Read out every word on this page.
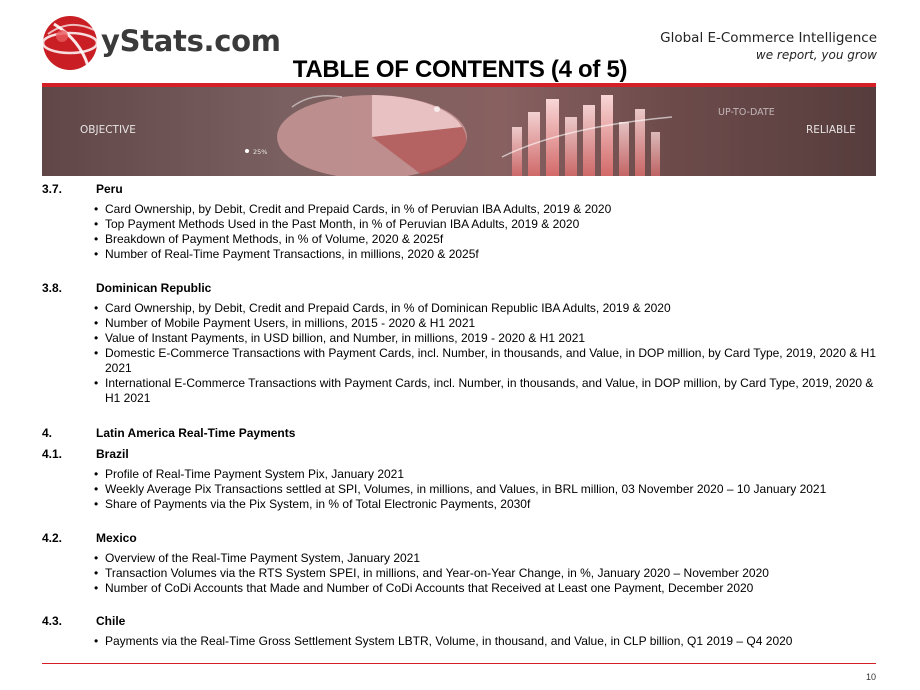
yStats.com	Global E-Commerce Intelligence
we report, you grow
TABLE OF CONTENTS (4 of 5)
OBJECTIVE
UP-TO-DATE
RELIABLE
25%
3.7.	Peru
• Card Ownership, by Debit, Credit and Prepaid Cards, in % of Peruvian IBA Adults, 2019 & 2020
• Top Payment Methods Used in the Past Month, in % of Peruvian IBA Adults, 2019 & 2020
• Breakdown of Payment Methods, in % of Volume, 2020 & 2025f
• Number of Real-Time Payment Transactions, in millions, 2020 & 2025f
3.8.	Dominican Republic
• Card Ownership, by Debit, Credit and Prepaid Cards, in % of Dominican Republic IBA Adults, 2019 & 2020
• Number of Mobile Payment Users, in millions, 2015 - 2020 & H1 2021
• Value of Instant Payments, in USD billion, and Number, in millions, 2019 - 2020 & H1 2021
• Domestic E-Commerce Transactions with Payment Cards, incl. Number, in thousands, and Value, in DOP million, by Card Type, 2019, 2020 & H1 2021
• International E-Commerce Transactions with Payment Cards, incl. Number, in thousands, and Value, in DOP million, by Card Type, 2019, 2020 & H1 2021
4.	Latin America Real-Time Payments
4.1.	Brazil
• Profile of Real-Time Payment System Pix, January 2021
• Weekly Average Pix Transactions settled at SPI, Volumes, in millions, and Values, in BRL million, 03 November 2020 – 10 January 2021
• Share of Payments via the Pix System, in % of Total Electronic Payments, 2030f
4.2.	Mexico
• Overview of the Real-Time Payment System, January 2021
• Transaction Volumes via the RTS System SPEI, in millions, and Year-on-Year Change, in %, January 2020 – November 2020
• Number of CoDi Accounts that Made and Number of CoDi Accounts that Received at Least one Payment, December 2020
4.3.	Chile
• Payments via the Real-Time Gross Settlement System LBTR, Volume, in thousand, and Value, in CLP billion, Q1 2019 – Q4 2020
10
